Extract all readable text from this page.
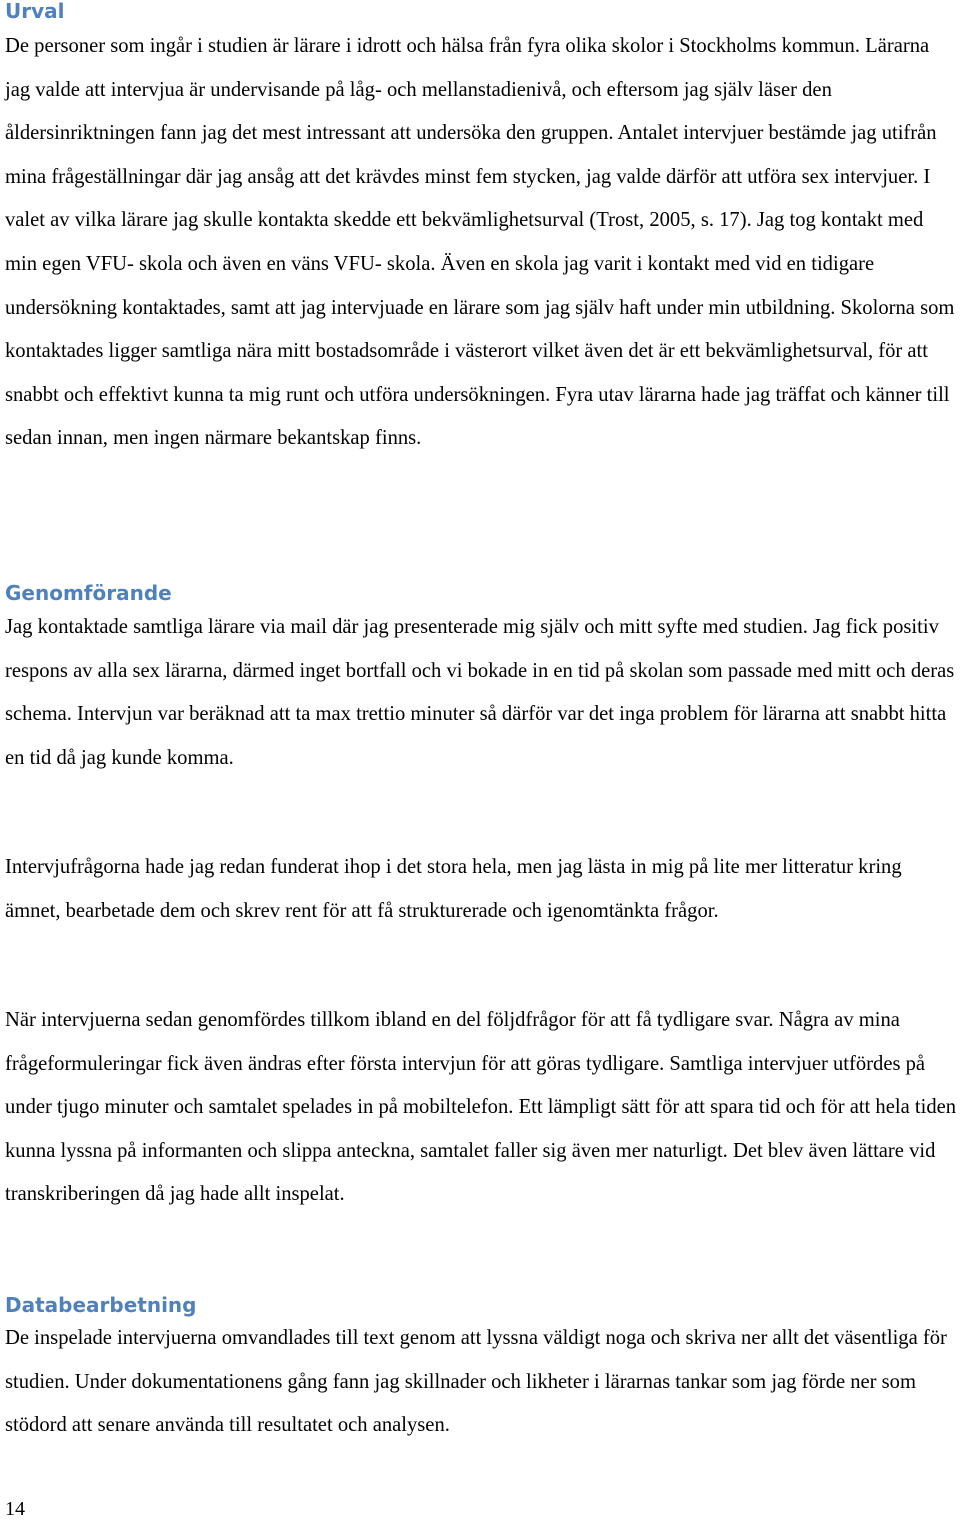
Urval

De personer som ingår i studien är lärare i idrott och hälsa från fyra olika skolor i Stockholms kommun. Lärarna jag valde att intervjua är undervisande på låg- och mellanstadienivå, och eftersom jag själv läser den åldersinriktningen fann jag det mest intressant att undersöka den gruppen. Antalet intervjuer bestämde jag utifrån mina frågeställningar där jag ansåg att det krävdes minst fem stycken, jag valde därför att utföra sex intervjuer. I valet av vilka lärare jag skulle kontakta skedde ett bekvämlighetsurval (Trost, 2005, s. 17). Jag tog kontakt med min egen VFU- skola och även en väns VFU- skola. Även en skola jag varit i kontakt med vid en tidigare undersökning kontaktades, samt att jag intervjuade en lärare som jag själv haft under min utbildning. Skolorna som kontaktades ligger samtliga nära mitt bostadsområde i västerort vilket även det är ett bekvämlighetsurval, för att snabbt och effektivt kunna ta mig runt och utföra undersökningen. Fyra utav lärarna hade jag träffat och känner till sedan innan, men ingen närmare bekantskap finns.

Genomförande

Jag kontaktade samtliga lärare via mail där jag presenterade mig själv och mitt syfte med studien. Jag fick positiv respons av alla sex lärarna, därmed inget bortfall och vi bokade in en tid på skolan som passade med mitt och deras schema. Intervjun var beräknad att ta max trettio minuter så därför var det inga problem för lärarna att snabbt hitta en tid då jag kunde komma.

Intervjufrågorna hade jag redan funderat ihop i det stora hela, men jag lästa in mig på lite mer litteratur kring ämnet, bearbetade dem och skrev rent för att få strukturerade och igenomtänkta frågor.

När intervjuerna sedan genomfördes tillkom ibland en del följdfrågor för att få tydligare svar. Några av mina frågeformuleringar fick även ändras efter första intervjun för att göras tydligare. Samtliga intervjuer utfördes på under tjugo minuter och samtalet spelades in på mobiltelefon. Ett lämpligt sätt för att spara tid och för att hela tiden kunna lyssna på informanten och slippa anteckna, samtalet faller sig även mer naturligt. Det blev även lättare vid transkriberingen då jag hade allt inspelat.

Databearbetning

De inspelade intervjuerna omvandlades till text genom att lyssna väldigt noga och skriva ner allt det väsentliga för studien. Under dokumentationens gång fann jag skillnader och likheter i lärarnas tankar som jag förde ner som stödord att senare använda till resultatet och analysen.

14
